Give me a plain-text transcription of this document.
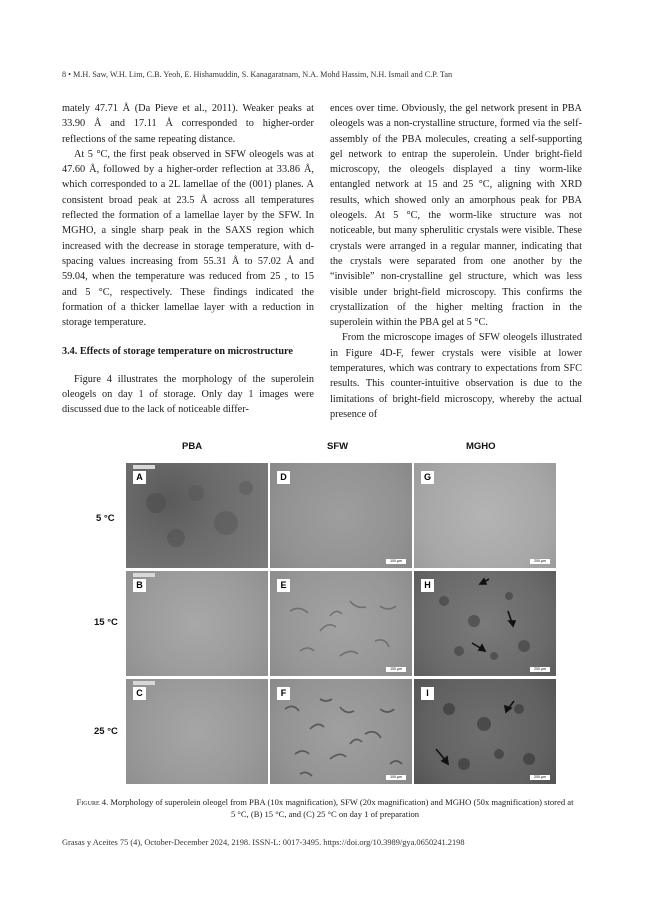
8 • M.H. Saw, W.H. Lim, C.B. Yeoh, E. Hishamuddin, S. Kanagaratnam, N.A. Mohd Hassim, N.H. Ismail and C.P. Tan

mately 47.71 Å (Da Pieve et al., 2011). Weaker peaks at 33.90 Å and 17.11 Å corresponded to higher-order reflections of the same repeating distance.

At 5 °C, the first peak observed in SFW oleogels was at 47.60 Å, followed by a higher-order reflection at 33.86 Å, which corresponded to a 2L lamellae of the (001) planes. A consistent broad peak at 23.5 Å across all temperatures reflected the formation of a lamellae layer by the SFW. In MGHO, a single sharp peak in the SAXS region which increased with the decrease in storage temperature, with d-spacing values increasing from 55.31 Å to 57.02 Å and 59.04, when the temperature was reduced from 25 , to 15 and 5 °C, respectively. These findings indicated the formation of a thicker lamellae layer with a reduction in storage temperature.

3.4. Effects of storage temperature on microstructure

Figure 4 illustrates the morphology of the superolein oleogels on day 1 of storage. Only day 1 images were discussed due to the lack of noticeable differ-

ences over time. Obviously, the gel network present in PBA oleogels was a non-crystalline structure, formed via the self-assembly of the PBA molecules, creating a self-supporting gel network to entrap the superolein. Under bright-field microscopy, the oleogels displayed a tiny worm-like entangled network at 15 and 25 °C, aligning with XRD results, which showed only an amorphous peak for PBA oleogels. At 5 °C, the worm-like structure was not noticeable, but many spherulitic crystals were visible. These crystals were arranged in a regular manner, indicating that the crystals were separated from one another by the “invisible” non-crystalline gel structure, which was less visible under bright-field microscopy. This confirms the crystallization of the higher melting fraction in the superolein within the PBA gel at 5 °C.

From the microscope images of SFW oleogels illustrated in Figure 4D-F, fewer crystals were visible at lower temperatures, which was contrary to expectations from SFC results. This counter-intuitive observation is due to the limitations of bright-field microscopy, whereby the actual presence of

PBA	SFW	MGHO
5 °C
15 °C
25 °C
A	D
100 µm
G
200 µm
B	E
100 µm
H
200 µm
C	F
100 µm
I
200 µm
Figure 4. Morphology of superolein oleogel from PBA (10x magnification), SFW (20x magnification) and MGHO (50x magnification) stored at 5 °C, (B) 15 °C, and (C) 25 °C on day 1 of preparation
Grasas y Aceites 75 (4), October-December 2024, 2198. ISSN-L: 0017-3495. https://doi.org/10.3989/gya.0650241.2198
